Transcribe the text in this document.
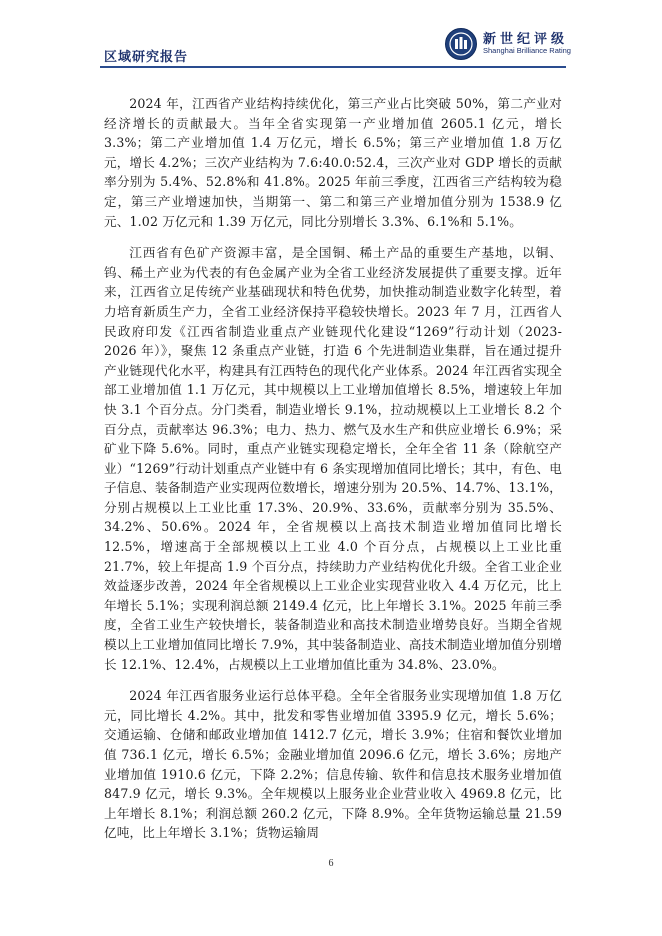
区域研究报告
新世纪评级
Shanghai Brilliance Rating

2024 年，江西省产业结构持续优化，第三产业占比突破 50%，第二产业对经济增长的贡献最大。当年全省实现第一产业增加值 2605.1 亿元，增长 3.3%；第二产业增加值 1.4 万亿元，增长 6.5%；第三产业增加值 1.8 万亿元，增长 4.2%；三次产业结构为 7.6:40.0:52.4，三次产业对 GDP 增长的贡献率分别为 5.4%、52.8%和 41.8%。2025 年前三季度，江西省三产结构较为稳定，第三产业增速加快，当期第一、第二和第三产业增加值分别为 1538.9 亿元、1.02 万亿元和 1.39 万亿元，同比分别增长 3.3%、6.1%和 5.1%。

江西省有色矿产资源丰富，是全国铜、稀土产品的重要生产基地，以铜、钨、稀土产业为代表的有色金属产业为全省工业经济发展提供了重要支撑。近年来，江西省立足传统产业基础现状和特色优势，加快推动制造业数字化转型，着力培育新质生产力，全省工业经济保持平稳较快增长。2023 年 7 月，江西省人民政府印发《江西省制造业重点产业链现代化建设“1269”行动计划（2023-2026 年）》，聚焦 12 条重点产业链，打造 6 个先进制造业集群，旨在通过提升产业链现代化水平，构建具有江西特色的现代化产业体系。2024 年江西省实现全部工业增加值 1.1 万亿元，其中规模以上工业增加值增长 8.5%，增速较上年加快 3.1 个百分点。分门类看，制造业增长 9.1%，拉动规模以上工业增长 8.2 个百分点，贡献率达 96.3%；电力、热力、燃气及水生产和供应业增长 6.9%；采矿业下降 5.6%。同时，重点产业链实现稳定增长，全年全省 11 条（除航空产业）“1269”行动计划重点产业链中有 6 条实现增加值同比增长；其中，有色、电子信息、装备制造产业实现两位数增长，增速分别为 20.5%、14.7%、13.1%，分别占规模以上工业比重 17.3%、20.9%、33.6%，贡献率分别为 35.5%、34.2%、50.6%。2024 年，全省规模以上高技术制造业增加值同比增长 12.5%，增速高于全部规模以上工业 4.0 个百分点，占规模以上工业比重 21.7%，较上年提高 1.9 个百分点，持续助力产业结构优化升级。全省工业企业效益逐步改善，2024 年全省规模以上工业企业实现营业收入 4.4 万亿元，比上年增长 5.1%；实现利润总额 2149.4 亿元，比上年增长 3.1%。2025 年前三季度，全省工业生产较快增长，装备制造业和高技术制造业增势良好。当期全省规模以上工业增加值同比增长 7.9%，其中装备制造业、高技术制造业增加值分别增长 12.1%、12.4%，占规模以上工业增加值比重为 34.8%、23.0%。

2024 年江西省服务业运行总体平稳。全年全省服务业实现增加值 1.8 万亿元，同比增长 4.2%。其中，批发和零售业增加值 3395.9 亿元，增长 5.6%；交通运输、仓储和邮政业增加值 1412.7 亿元，增长 3.9%；住宿和餐饮业增加值 736.1 亿元，增长 6.5%；金融业增加值 2096.6 亿元，增长 3.6%；房地产业增加值 1910.6 亿元，下降 2.2%；信息传输、软件和信息技术服务业增加值 847.9 亿元，增长 9.3%。全年规模以上服务业企业营业收入 4969.8 亿元，比上年增长 8.1%；利润总额 260.2 亿元，下降 8.9%。全年货物运输总量 21.59 亿吨，比上年增长 3.1%；货物运输周

6
